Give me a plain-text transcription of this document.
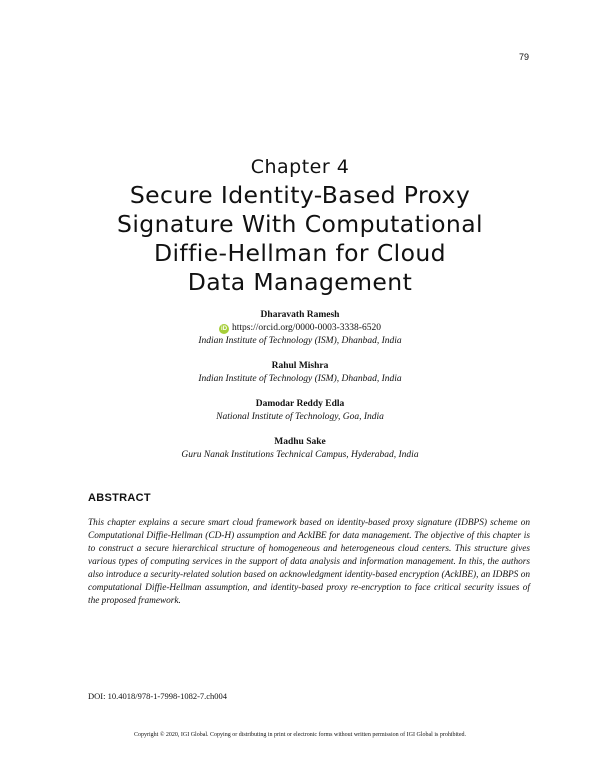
79
Chapter 4
Secure Identity-Based Proxy
Signature With Computational
Diffie-Hellman for Cloud
Data Management
Dharavath Ramesh
iD https://orcid.org/0000-0003-3338-6520
Indian Institute of Technology (ISM), Dhanbad, India
Rahul Mishra
Indian Institute of Technology (ISM), Dhanbad, India
Damodar Reddy Edla
National Institute of Technology, Goa, India
Madhu Sake
Guru Nanak Institutions Technical Campus, Hyderabad, India
ABSTRACT
This chapter explains a secure smart cloud framework based on identity-based proxy signature (IDBPS) scheme on Computational Diffie-Hellman (CD-H) assumption and AckIBE for data management. The objective of this chapter is to construct a secure hierarchical structure of homogeneous and heterogeneous cloud centers. This structure gives various types of computing services in the support of data analysis and information management. In this, the authors also introduce a security-related solution based on acknowledgment identity-based encryption (AckIBE), an IDBPS on computational Diffie-Hellman assumption, and identity-based proxy re-encryption to face critical security issues of the proposed framework.
DOI: 10.4018/978-1-7998-1082-7.ch004
Copyright © 2020, IGI Global. Copying or distributing in print or electronic forms without written permission of IGI Global is prohibited.
